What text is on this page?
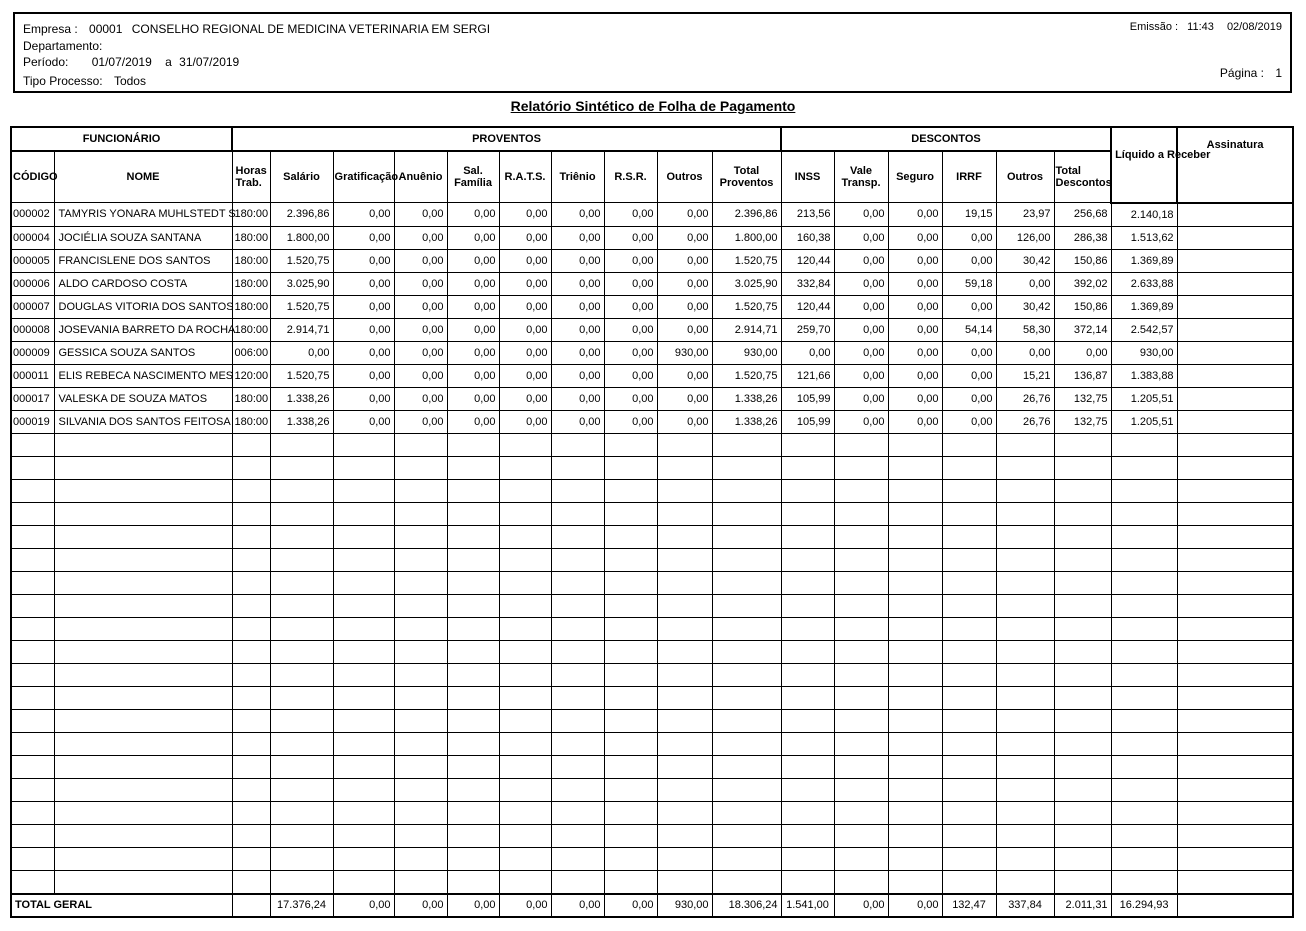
Empresa : 00001 CONSELHO REGIONAL DE MEDICINA VETERINARIA EM SERGI
Departamento:
Período: 01/07/2019 a 31/07/2019
Tipo Processo: Todos
Emissão : 11:43 02/08/2019
Página : 1
Relatório Sintético de Folha de Pagamento
FUNCIONÁRIO		PROVENTOS										DESCONTOS						Líquido a Receber	Assinatura
CÓDIGO	NOME	Horas Trab.	Salário	Gratificação	Anuênio	Sal. Família	R.A.T.S.	Triênio	R.S.R.	Outros	Total Proventos	INSS	Vale Transp.	Seguro	IRRF	Outros	Total Descontos		
000002	TAMYRIS YONARA MUHLSTEDT S	180:00	2.396,86	0,00	0,00	0,00	0,00	0,00	0,00	0,00	2.396,86	213,56	0,00	0,00	19,15	23,97	256,68	2.140,18	
000004	JOCIÉLIA SOUZA SANTANA	180:00	1.800,00	0,00	0,00	0,00	0,00	0,00	0,00	0,00	1.800,00	160,38	0,00	0,00	0,00	126,00	286,38	1.513,62	
000005	FRANCISLENE DOS SANTOS	180:00	1.520,75	0,00	0,00	0,00	0,00	0,00	0,00	0,00	1.520,75	120,44	0,00	0,00	0,00	30,42	150,86	1.369,89	
000006	ALDO CARDOSO COSTA	180:00	3.025,90	0,00	0,00	0,00	0,00	0,00	0,00	0,00	3.025,90	332,84	0,00	0,00	59,18	0,00	392,02	2.633,88	
000007	DOUGLAS VITORIA DOS SANTOS	180:00	1.520,75	0,00	0,00	0,00	0,00	0,00	0,00	0,00	1.520,75	120,44	0,00	0,00	0,00	30,42	150,86	1.369,89	
000008	JOSEVANIA BARRETO DA ROCHA	180:00	2.914,71	0,00	0,00	0,00	0,00	0,00	0,00	0,00	2.914,71	259,70	0,00	0,00	54,14	58,30	372,14	2.542,57	
000009	GESSICA SOUZA SANTOS	006:00	0,00	0,00	0,00	0,00	0,00	0,00	0,00	930,00	930,00	0,00	0,00	0,00	0,00	0,00	0,00	930,00	
000011	ELIS REBECA NASCIMENTO MES	120:00	1.520,75	0,00	0,00	0,00	0,00	0,00	0,00	0,00	1.520,75	121,66	0,00	0,00	0,00	15,21	136,87	1.383,88	
000017	VALESKA DE SOUZA MATOS	180:00	1.338,26	0,00	0,00	0,00	0,00	0,00	0,00	0,00	1.338,26	105,99	0,00	0,00	0,00	26,76	132,75	1.205,51	
000019	SILVANIA DOS SANTOS FEITOSA	180:00	1.338,26	0,00	0,00	0,00	0,00	0,00	0,00	0,00	1.338,26	105,99	0,00	0,00	0,00	26,76	132,75	1.205,51	

TOTAL GERAL			17.376,24	0,00	0,00	0,00	0,00	0,00	0,00	930,00	18.306,24	1.541,00	0,00	0,00	132,47	337,84	2.011,31	16.294,93	
